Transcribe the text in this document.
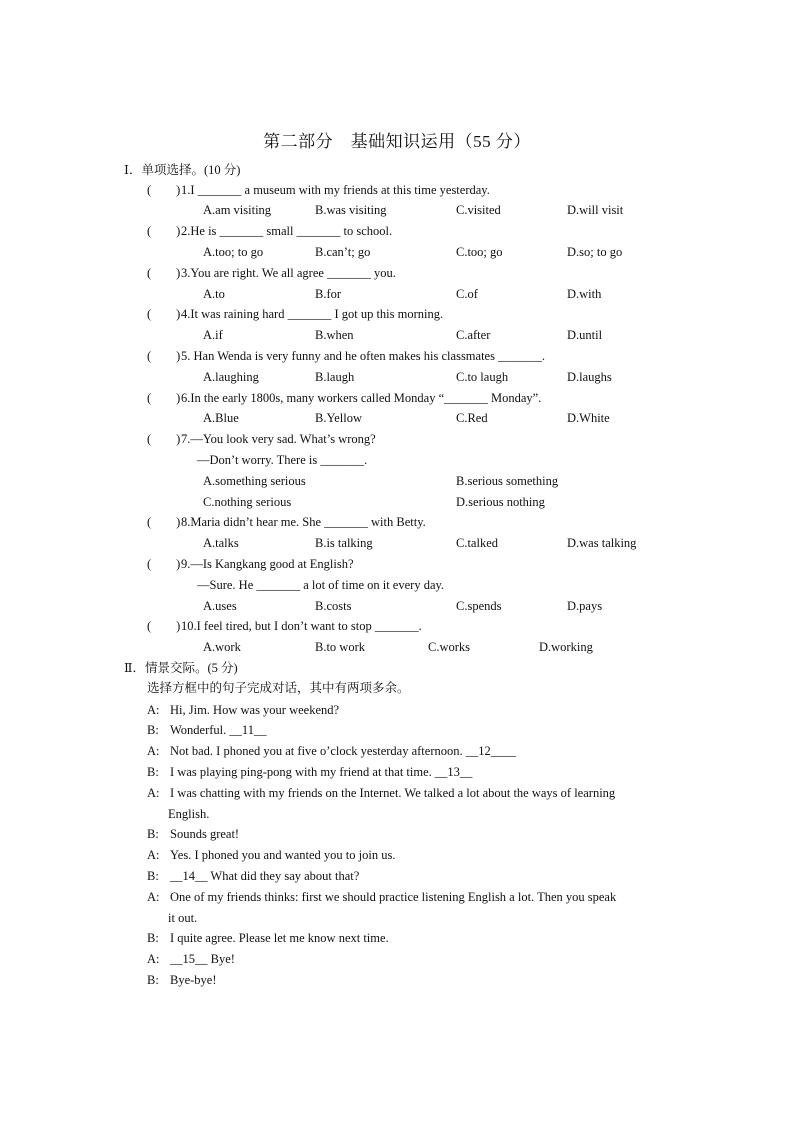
第二部分　基础知识运用（55 分）
Ⅰ．单项选择。(10 分)
(　　)1.I _______ a museum with my friends at this time yesterday.
A.am visiting	B.was visiting	C.visited	D.will visit
(　　)2.He is _______ small _______ to school.
A.too; to go	B.can’t; go	C.too; go	D.so; to go
(　　)3.You are right. We all agree _______ you.
A.to	B.for	C.of	D.with
(　　)4.It was raining hard _______ I got up this morning.
A.if	B.when	C.after	D.until
(　　)5. Han Wenda is very funny and he often makes his classmates _______.
A.laughing	B.laugh	C.to laugh	D.laughs
(　　)6.In the early 1800s, many workers called Monday “_______ Monday”.
A.Blue	B.Yellow	C.Red	D.White
(　　)7.—You look very sad. What’s wrong?
—Don’t worry. There is _______.
A.something serious	B.serious something
C.nothing serious	D.serious nothing
(　　)8.Maria didn’t hear me. She _______ with Betty.
A.talks	B.is talking	C.talked	D.was talking
(　　)9.—Is Kangkang good at English?
—Sure. He _______ a lot of time on it every day.
A.uses	B.costs	C.spends	D.pays
(　　)10.I feel tired, but I don’t want to stop _______.
A.work	B.to work	C.works	D.working
Ⅱ．情景交际。(5 分)
选择方框中的句子完成对话，其中有两项多余。
A: Hi, Jim. How was your weekend?
B: Wonderful. __11__
A: Not bad. I phoned you at five o’clock yesterday afternoon. __12____
B: I was playing ping-pong with my friend at that time. __13__
A: I was chatting with my friends on the Internet. We talked a lot about the ways of learning
English.
B: Sounds great!
A: Yes. I phoned you and wanted you to join us.
B: __14__ What did they say about that?
A: One of my friends thinks: first we should practice listening English a lot. Then you speak
it out.
B: I quite agree. Please let me know next time.
A: __15__ Bye!
B: Bye-bye!
